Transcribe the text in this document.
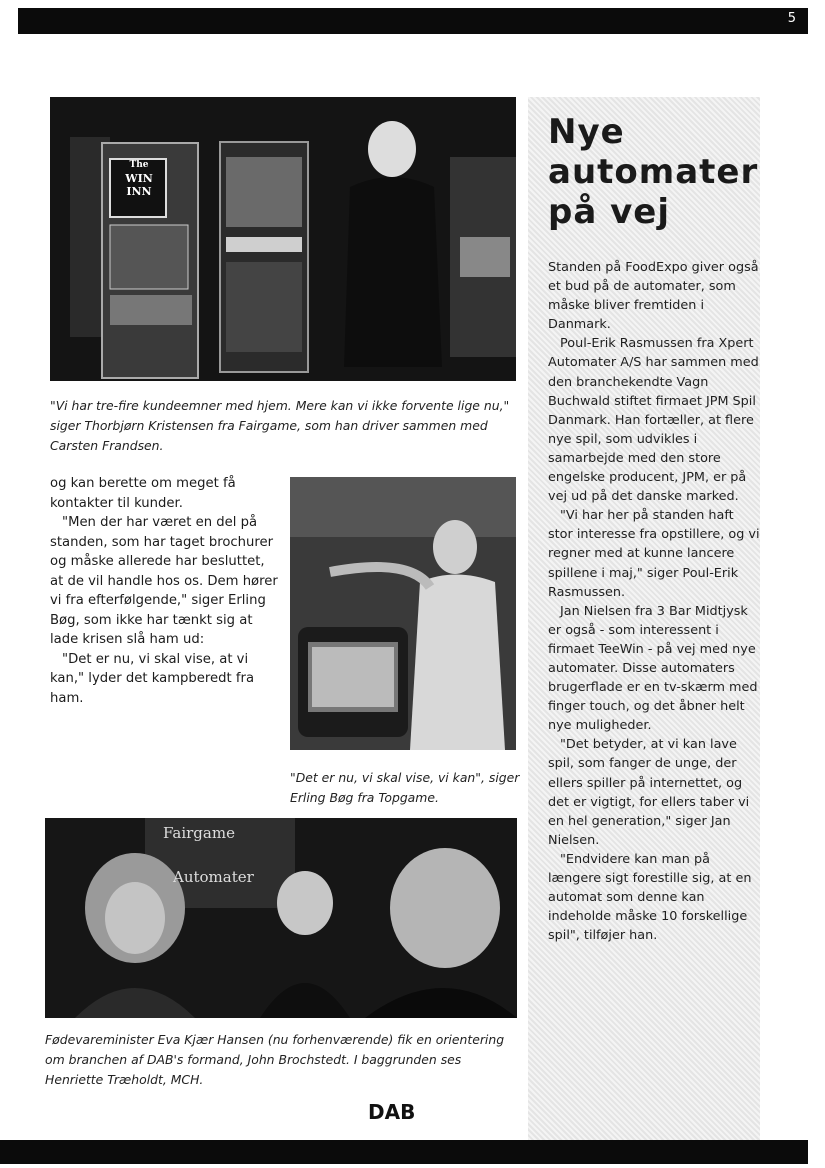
5
The
WIN
INN
"Vi har tre-fire kundeemner med hjem. Mere kan vi ikke forvente lige nu," siger Thorbjørn Kristensen fra Fairgame, som han driver sammen med Carsten Frandsen.

og kan berette om meget få kontakter til kunder.

"Men der har været en del på standen, som har taget brochurer og måske allerede har besluttet, at de vil handle hos os. Dem hører vi fra efterfølgende," siger Erling Bøg, som ikke har tænkt sig at lade krisen slå ham ud:

"Det er nu, vi skal vise, at vi kan," lyder det kampberedt fra ham.

"Det er nu, vi skal vise, vi kan", siger Erling Bøg fra Topgame.
Fairgame
Automater
Fødevareminister Eva Kjær Hansen (nu forhenværende) fik en orientering om branchen af DAB's formand, John Brochstedt. I baggrunden ses Henriette Træholdt, MCH.
Nye
automater
på vej

Standen på FoodExpo giver også et bud på de automater, som måske bliver fremtiden i Danmark.

Poul-Erik Rasmussen fra Xpert Automater A/S har sammen med den branchekendte Vagn Buchwald stiftet firmaet JPM Spil Danmark. Han fortæller, at flere nye spil, som udvikles i samarbejde med den store engelske producent, JPM, er på vej ud på det danske marked.

"Vi har her på standen haft stor interesse fra opstillere, og vi regner med at kunne lancere spillene i maj," siger Poul-Erik Rasmussen.

Jan Nielsen fra 3 Bar Midtjysk er også - som interessent i firmaet TeeWin - på vej med nye automater. Disse automaters brugerflade er en tv-skærm med finger touch, og det åbner helt nye muligheder.

"Det betyder, at vi kan lave spil, som fanger de unge, der ellers spiller på internettet, og det er vigtigt, for ellers taber vi en hel generation," siger Jan Nielsen.

"Endvidere kan man på længere sigt forestille sig, at en automat som denne kan indeholde måske 10 forskellige spil", tilføjer han.

DAB
